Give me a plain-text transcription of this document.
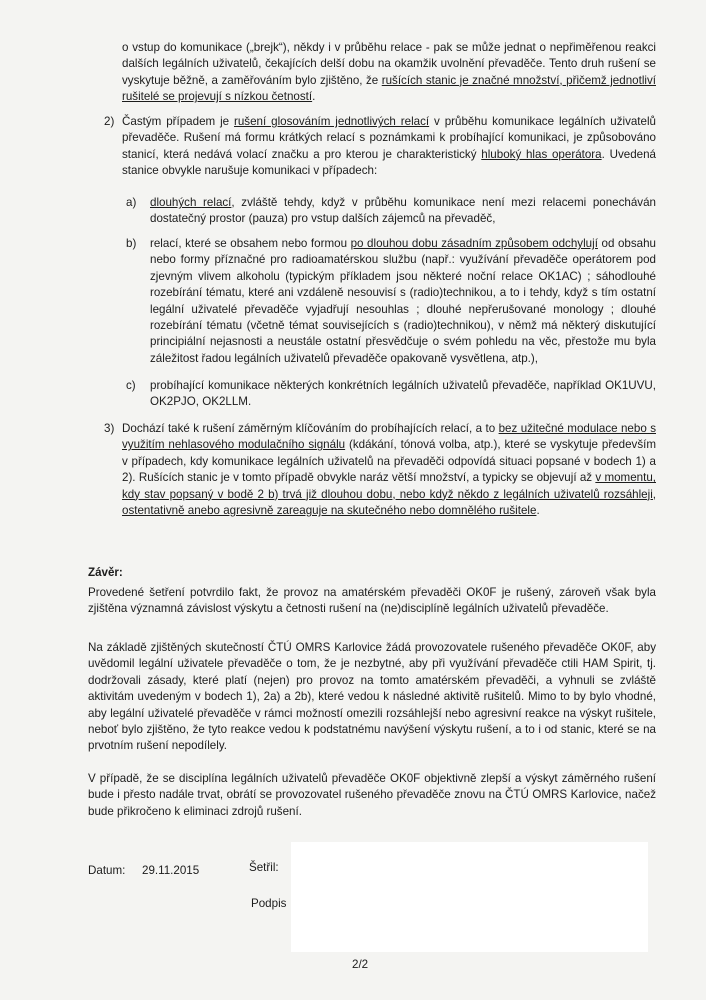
o vstup do komunikace („brejk“), někdy i v průběhu relace - pak se může jednat o nepřiměřenou reakci dalších legálních uživatelů, čekajících delší dobu na okamžik uvolnění převaděče. Tento druh rušení se vyskytuje běžně, a zaměřováním bylo zjištěno, že rušících stanic je značné množství, přičemž jednotliví rušitelé se projevují s nízkou četností.

2) Častým případem je rušení glosováním jednotlivých relací v průběhu komunikace legálních uživatelů převaděče. Rušení má formu krátkých relací s poznámkami k probíhající komunikaci, je způsobováno stanicí, která nedává volací značku a pro kterou je charakteristický hluboký hlas operátora. Uvedená stanice obvykle narušuje komunikaci v případech:

a) dlouhých relací, zvláště tehdy, když v průběhu komunikace není mezi relacemi ponecháván dostatečný prostor (pauza) pro vstup dalších zájemců na převaděč,

b) relací, které se obsahem nebo formou po dlouhou dobu zásadním způsobem odchylují od obsahu nebo formy příznačné pro radioamatérskou službu (např.: využívání převaděče operátorem pod zjevným vlivem alkoholu (typickým příkladem jsou některé noční relace OK1AC) ; sáhodlouhé rozebírání tématu, které ani vzdáleně nesouvisí s (radio)technikou, a to i tehdy, když s tím ostatní legální uživatelé převaděče vyjadřují nesouhlas ; dlouhé nepřerušované monology ; dlouhé rozebírání tématu (včetně témat souvisejících s (radio)technikou), v němž má některý diskutující principiální nejasnosti a neustále ostatní přesvědčuje o svém pohledu na věc, přestože mu byla záležitost řadou legálních uživatelů převaděče opakovaně vysvětlena, atp.),

c) probíhající komunikace některých konkrétních legálních uživatelů převaděče, například OK1UVU, OK2PJO, OK2LLM.

3) Dochází také k rušení záměrným klíčováním do probíhajících relací, a to bez užitečné modulace nebo s využitím nehlasového modulačního signálu (kdákání, tónová volba, atp.), které se vyskytuje především v případech, kdy komunikace legálních uživatelů na převaděči odpovídá situaci popsané v bodech 1) a 2). Rušících stanic je v tomto případě obvykle naráz větší množství, a typicky se objevují až v momentu, kdy stav popsaný v bodě 2 b) trvá již dlouhou dobu, nebo když někdo z legálních uživatelů rozsáhleji, ostentativně anebo agresivně zareaguje na skutečného nebo domnělého rušitele.

Závěr:

Provedené šetření potvrdilo fakt, že provoz na amatérském převaděči OK0F je rušený, zároveň však byla zjištěna významná závislost výskytu a četnosti rušení na (ne)disciplíně legálních uživatelů převaděče.

Na základě zjištěných skutečností ČTÚ OMRS Karlovice žádá provozovatele rušeného převaděče OK0F, aby uvědomil legální uživatele převaděče o tom, že je nezbytné, aby při využívání převaděče ctili HAM Spirit, tj. dodržovali zásady, které platí (nejen) pro provoz na tomto amatérském převaděči, a vyhnuli se zvláště aktivitám uvedeným v bodech 1), 2a) a 2b), které vedou k následné aktivitě rušitelů. Mimo to by bylo vhodné, aby legální uživatelé převaděče v rámci možností omezili rozsáhlejší nebo agresivní reakce na výskyt rušitele, neboť bylo zjištěno, že tyto reakce vedou k podstatnému navýšení výskytu rušení, a to i od stanic, které se na prvotním rušení nepodílely.

V případě, že se disciplína legálních uživatelů převaděče OK0F objektivně zlepší a výskyt záměrného rušení bude i přesto nadále trvat, obrátí se provozovatel rušeného převaděče znovu na ČTÚ OMRS Karlovice, načež bude přikročeno k eliminaci zdrojů rušení.

Datum: 29.11.2015	Šetřil:
Podpis
2/2
